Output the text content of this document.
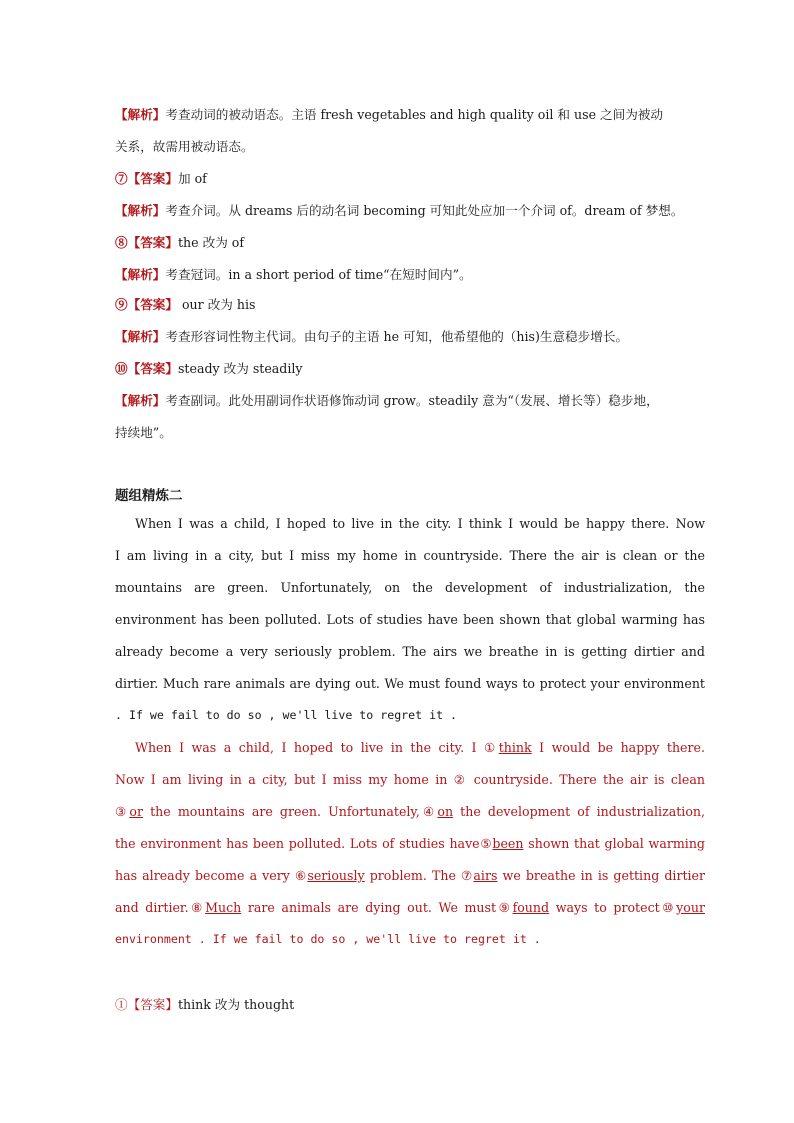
【解析】考查动词的被动语态。主语 fresh vegetables and high quality oil 和 use 之间为被动
关系，故需用被动语态。
⑦【答案】加 of
【解析】考查介词。从 dreams 后的动名词 becoming 可知此处应加一个介词 of。dream of 梦想。
⑧【答案】the 改为 of
【解析】考查冠词。in a short period of time“在短时间内”。
⑨【答案】 our 改为 his
【解析】考查形容词性物主代词。由句子的主语 he 可知，他希望他的（his)生意稳步增长。
⑩【答案】steady 改为 steadily
【解析】考查副词。此处用副词作状语修饰动词 grow。steadily 意为“（发展、增长等）稳步地，
持续地”。
题组精炼二
When I was a child, I hoped to live in the city. I think I would be happy there. Now
I am living in a city, but I miss my home in countryside. There the air is clean or the
mountains are green. Unfortunately, on the development of industrialization, the
environment has been polluted. Lots of studies have been shown that global warming has
already become a very seriously problem. The airs we breathe in is getting dirtier and
dirtier. Much rare animals are dying out. We must found ways to protect your environment
. If we fail to do so , we'll live to regret it .
When I was a child, I hoped to live in the city. I ①think I would be happy there.
Now I am living in a city, but I miss my home in ② countryside. There the air is clean
③or the mountains are green. Unfortunately,④on the development of industrialization,
the environment has been polluted. Lots of studies have⑤been shown that global warming
has already become a very ⑥seriously problem. The ⑦airs we breathe in is getting dirtier
and dirtier.⑧Much rare animals are dying out. We must⑨found ways to protect⑩your
environment . If we fail to do so , we'll live to regret it .
①【答案】think 改为 thought
